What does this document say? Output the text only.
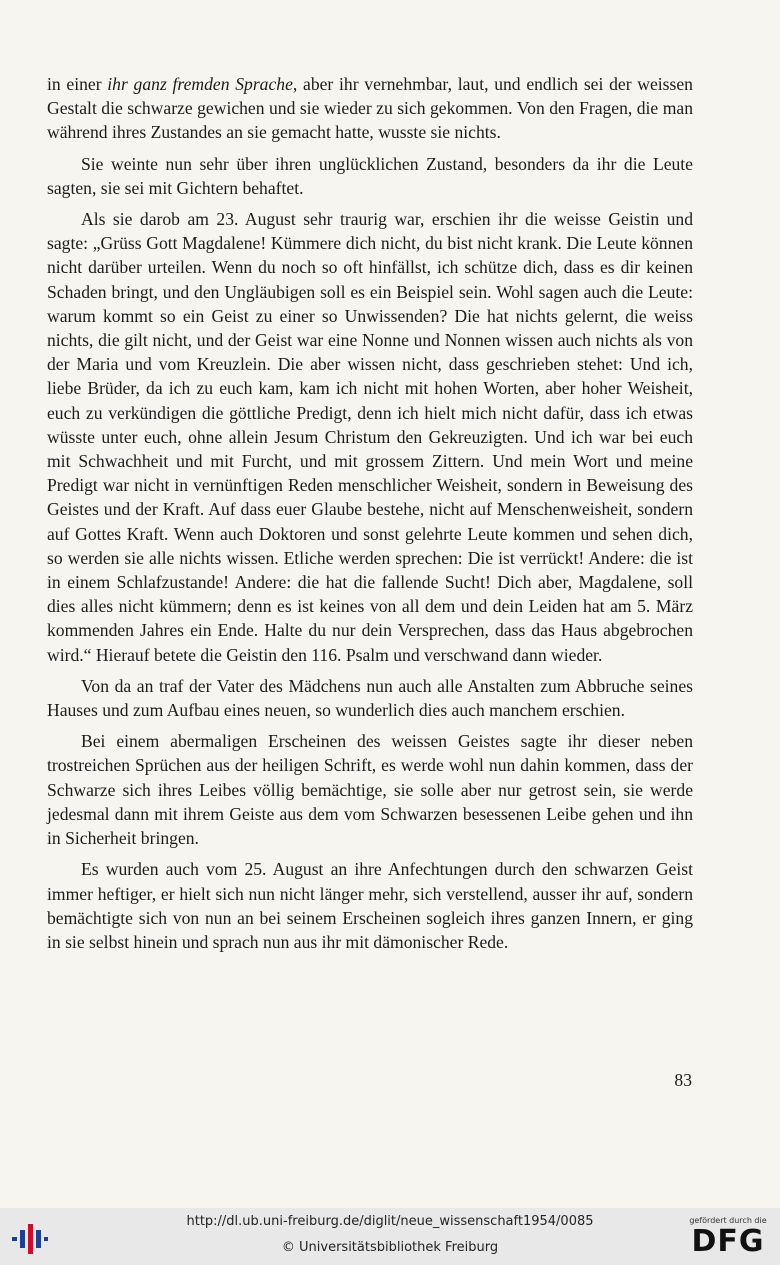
in einer ihr ganz fremden Sprache, aber ihr vernehmbar, laut, und endlich sei der weissen Gestalt die schwarze gewichen und sie wieder zu sich gekommen. Von den Fragen, die man während ihres Zustandes an sie gemacht hatte, wusste sie nichts.

Sie weinte nun sehr über ihren unglücklichen Zustand, besonders da ihr die Leute sagten, sie sei mit Gichtern behaftet.

Als sie darob am 23. August sehr traurig war, erschien ihr die weisse Geistin und sagte: „Grüss Gott Magdalene! Kümmere dich nicht, du bist nicht krank. Die Leute können nicht darüber urteilen. Wenn du noch so oft hinfällst, ich schütze dich, dass es dir keinen Schaden bringt, und den Ungläubigen soll es ein Beispiel sein. Wohl sagen auch die Leute: warum kommt so ein Geist zu einer so Unwissenden? Die hat nichts gelernt, die weiss nichts, die gilt nicht, und der Geist war eine Nonne und Nonnen wissen auch nichts als von der Maria und vom Kreuzlein. Die aber wissen nicht, dass geschrieben stehet: Und ich, liebe Brüder, da ich zu euch kam, kam ich nicht mit hohen Worten, aber hoher Weisheit, euch zu verkündigen die göttliche Predigt, denn ich hielt mich nicht dafür, dass ich etwas wüsste unter euch, ohne allein Jesum Christum den Gekreuzigten. Und ich war bei euch mit Schwachheit und mit Furcht, und mit grossem Zittern. Und mein Wort und meine Predigt war nicht in vernünftigen Reden menschlicher Weisheit, sondern in Beweisung des Geistes und der Kraft. Auf dass euer Glaube bestehe, nicht auf Menschenweisheit, sondern auf Gottes Kraft. Wenn auch Doktoren und sonst gelehrte Leute kommen und sehen dich, so werden sie alle nichts wissen. Etliche werden sprechen: Die ist verrückt! Andere: die ist in einem Schlafzustande! Andere: die hat die fallende Sucht! Dich aber, Magdalene, soll dies alles nicht kümmern; denn es ist keines von all dem und dein Leiden hat am 5. März kommenden Jahres ein Ende. Halte du nur dein Versprechen, dass das Haus abgebrochen wird.“ Hierauf betete die Geistin den 116. Psalm und verschwand dann wieder.

Von da an traf der Vater des Mädchens nun auch alle Anstalten zum Abbruche seines Hauses und zum Aufbau eines neuen, so wunderlich dies auch manchem erschien.

Bei einem abermaligen Erscheinen des weissen Geistes sagte ihr dieser neben trostreichen Sprüchen aus der heiligen Schrift, es werde wohl nun dahin kommen, dass der Schwarze sich ihres Leibes völlig bemächtige, sie solle aber nur getrost sein, sie werde jedesmal dann mit ihrem Geiste aus dem vom Schwarzen besessenen Leibe gehen und ihn in Sicherheit bringen.

Es wurden auch vom 25. August an ihre Anfechtungen durch den schwarzen Geist immer heftiger, er hielt sich nun nicht länger mehr, sich verstellend, ausser ihr auf, sondern bemächtigte sich von nun an bei seinem Erscheinen sogleich ihres ganzen Innern, er ging in sie selbst hinein und sprach nun aus ihr mit dämonischer Rede.

83
http://dl.ub.uni-freiburg.de/diglit/neue_wissenschaft1954/0085
© Universitätsbibliothek Freiburg
gefördert durch die
DFG
